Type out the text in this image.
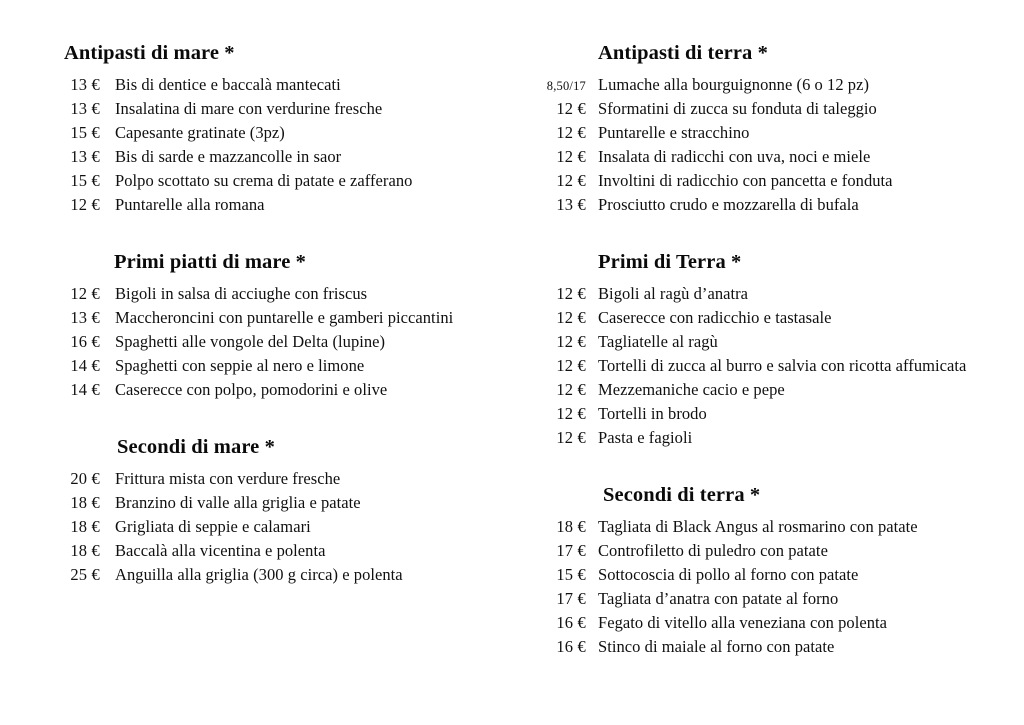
Antipasti di mare *
13 € Bis di dentice e baccalà mantecati
13 € Insalatina di mare con verdurine fresche
15 € Capesante gratinate (3pz)
13 € Bis di sarde e mazzancolle in saor
15 € Polpo scottato su crema di patate e zafferano
12 € Puntarelle alla romana
Primi piatti di mare *
12 € Bigoli in salsa di acciughe con friscus
13 € Maccheroncini con puntarelle e gamberi piccantini
16 € Spaghetti alle vongole del Delta (lupine)
14 € Spaghetti con seppie al nero e limone
14 € Caserecce con polpo, pomodorini e olive
Secondi di mare *
20 € Frittura mista con verdure fresche
18 € Branzino di valle alla griglia e patate
18 € Grigliata di seppie e calamari
18 € Baccalà alla vicentina e polenta
25 € Anguilla alla griglia (300 g circa) e polenta
Antipasti di terra *
8,50/17 Lumache alla bourguignonne (6 o 12 pz)
12 € Sformatini di zucca su fonduta di taleggio
12 € Puntarelle e stracchino
12 € Insalata di radicchi con uva, noci e miele
12 € Involtini di radicchio con pancetta e fonduta
13 € Prosciutto crudo e mozzarella di bufala
Primi di Terra *
12 € Bigoli al ragù d’anatra
12 € Caserecce con radicchio e tastasale
12 € Tagliatelle al ragù
12 € Tortelli di zucca al burro e salvia con ricotta affumicata
12 € Mezzemaniche cacio e pepe
12 € Tortelli in brodo
12 € Pasta e fagioli
Secondi di terra *
18 € Tagliata di Black Angus al rosmarino con patate
17 € Controfiletto di puledro con patate
15 € Sottocoscia di pollo al forno con patate
17 € Tagliata d’anatra con patate al forno
16 € Fegato di vitello alla veneziana con polenta
16 € Stinco di maiale al forno con patate
